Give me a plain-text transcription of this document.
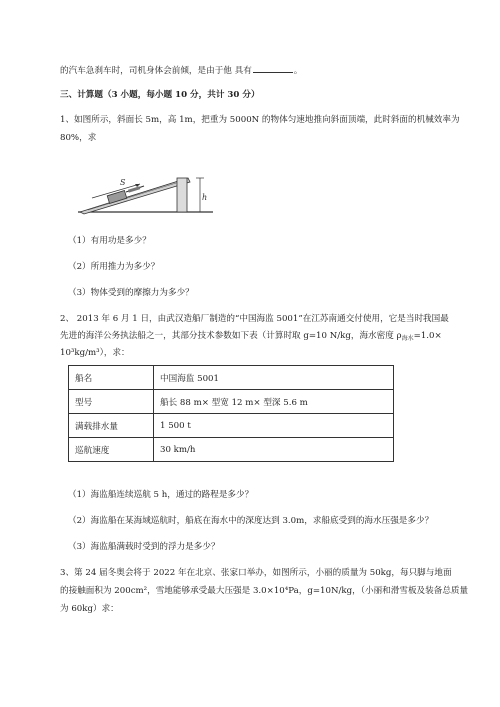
的汽车急刹车时，司机身体会前倾，是由于他 具有	。
三、计算题（3 小题，每小题 10 分，共计 30 分）
1、如图所示，斜面长 5m，高 1m，把重为 5000N 的物体匀速地推向斜面顶端，此时斜面的机械效率为
80%，求
S
h
（1）有用功是多少？
（2）所用推力为多少？
（3）物体受到的摩擦力为多少？
2、 2013 年 6 月 1 日，由武汉造船厂制造的“中国海监 5001”在江苏南通交付使用，它是当时我国最
先进的海洋公务执法船之一，其部分技术参数如下表（计算时取 g=10 N/kg，海水密度 $\rho_{海水}=1.0\times$
10³kg/m³），求：
船名	中国海监 5001
型号	船长 88 m× 型宽 12 m× 型深 5.6 m
满载排水量	1 500 t
巡航速度	30 km/h
（1）海监船连续巡航 5 h，通过的路程是多少？
（2）海监船在某海域巡航时，船底在海水中的深度达到 3.0m，求船底受到的海水压强是多少？
（3）海监船满载时受到的浮力是多少？
3、第 24 届冬奥会将于 2022 年在北京、张家口举办，如图所示，小丽的质量为 50kg，每只脚与地面
的接触面积为 200cm²，雪地能够承受最大压强是 3.0×10⁴Pa，g=10N/kg，（小丽和滑雪板及装备总质量
为 60kg）求：
